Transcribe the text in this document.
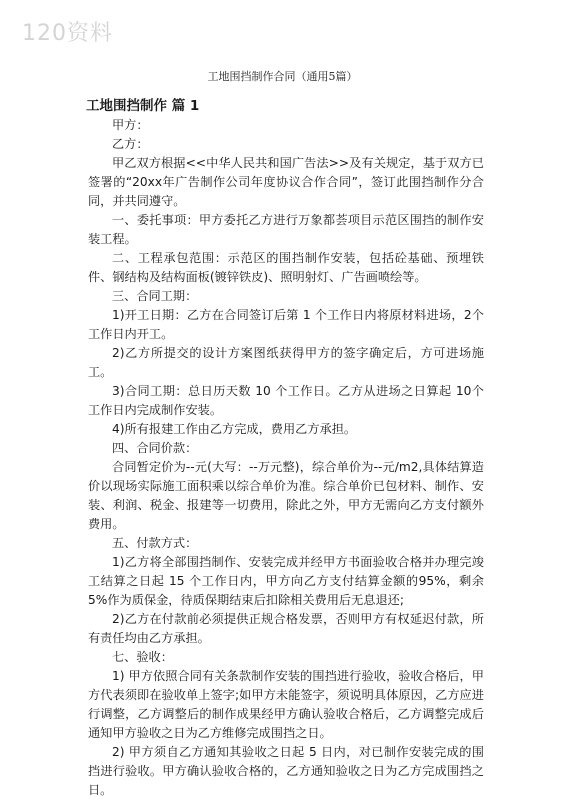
120资料
工地围挡制作合同（通用5篇）
工地围挡制作 篇 1

甲方：

乙方：

甲乙双方根据<<中华人民共和国广告法>>及有关规定，基于双方已签署的“20xx年广告制作公司年度协议合作合同”，签订此围挡制作分合同，并共同遵守。

一、委托事项：甲方委托乙方进行万象都荟项目示范区围挡的制作安装工程。

二、工程承包范围：示范区的围挡制作安装，包括砼基础、预埋铁件、钢结构及结构面板(镀锌铁皮)、照明射灯、广告画喷绘等。

三、合同工期：

1)开工日期：乙方在合同签订后第 1 个工作日内将原材料进场，2个工作日内开工。

2)乙方所提交的设计方案图纸获得甲方的签字确定后，方可进场施工。

3)合同工期：总日历天数 10 个工作日。乙方从进场之日算起 10个工作日内完成制作安装。

4)所有报建工作由乙方完成，费用乙方承担。

四、合同价款：

合同暂定价为--元(大写：--万元整)，综合单价为--元/m2,具体结算造价以现场实际施工面积乘以综合单价为准。综合单价已包材料、制作、安装、利润、税金、报建等一切费用，除此之外，甲方无需向乙方支付额外费用。

五、付款方式：

1)乙方将全部围挡制作、安装完成并经甲方书面验收合格并办理完竣工结算之日起 15 个工作日内，甲方向乙方支付结算金额的95%，剩余 5%作为质保金，待质保期结束后扣除相关费用后无息退还;

2)乙方在付款前必须提供正规合格发票，否则甲方有权延迟付款，所有责任均由乙方承担。

七、验收：

1) 甲方依照合同有关条款制作安装的围挡进行验收，验收合格后，甲方代表须即在验收单上签字;如甲方未能签字，须说明具体原因，乙方应进行调整，乙方调整后的制作成果经甲方确认验收合格后，乙方调整完成后通知甲方验收之日为乙方维修完成围挡之日。

2) 甲方须自乙方通知其验收之日起 5 日内，对已制作安装完成的围挡进行验收。甲方确认验收合格的，乙方通知验收之日为乙方完成围挡之日。
